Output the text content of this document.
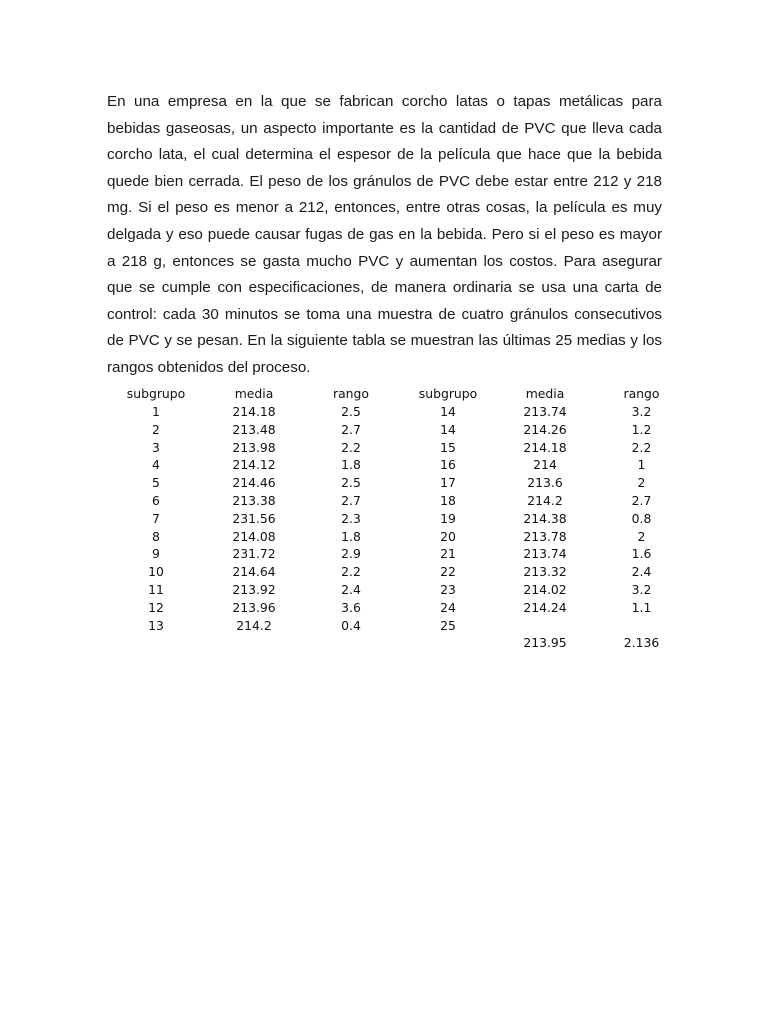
En una empresa en la que se fabrican corcho latas o tapas metálicas para bebidas gaseosas, un aspecto importante es la cantidad de PVC que lleva cada corcho lata, el cual determina el espesor de la película que hace que la bebida quede bien cerrada. El peso de los gránulos de PVC debe estar entre 212 y 218 mg. Si el peso es menor a 212, entonces, entre otras cosas, la película es muy delgada y eso puede causar fugas de gas en la bebida. Pero si el peso es mayor a 218 g, entonces se gasta mucho PVC y aumentan los costos. Para asegurar que se cumple con especificaciones, de manera ordinaria se usa una carta de control: cada 30 minutos se toma una muestra de cuatro gránulos consecutivos de PVC y se pesan. En la siguiente tabla se muestran las últimas 25 medias y los rangos obtenidos del proceso.

subgrupo	media	rango	subgrupo	media	rango
1	214.18	2.5	14	213.74	3.2
2	213.48	2.7	14	214.26	1.2
3	213.98	2.2	15	214.18	2.2
4	214.12	1.8	16	214	1
5	214.46	2.5	17	213.6	2
6	213.38	2.7	18	214.2	2.7
7	231.56	2.3	19	214.38	0.8
8	214.08	1.8	20	213.78	2
9	231.72	2.9	21	213.74	1.6
10	214.64	2.2	22	213.32	2.4
11	213.92	2.4	23	214.02	3.2
12	213.96	3.6	24	214.24	1.1
13	214.2	0.4	25		
				213.95	2.136
